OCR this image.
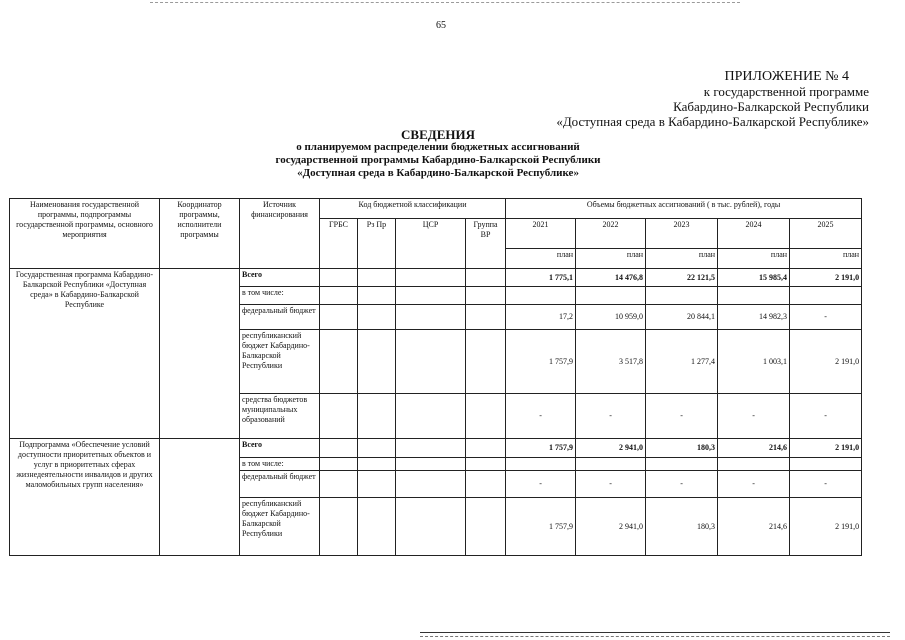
65
ПРИЛОЖЕНИЕ № 4
к государственной программе
Кабардино-Балкарской Республики
«Доступная среда в Кабардино-Балкарской Республике»
СВЕДЕНИЯ
о планируемом распределении бюджетных ассигнований
государственной программы Кабардино-Балкарской Республики
«Доступная среда в Кабардино-Балкарской Республике»
Наименования государственной программы, подпрограммы государственной программы, основного мероприятия	Координатор программы, исполнители программы	Источник финансирования	Код бюджетной классификации				Объемы бюджетных ассигнований ( в тыс. рублей), годы				
			ГРБС	Рз Пр	ЦСР	Группа ВР	2021	2022	2023	2024	2025
							план	план	план	план	план
Государственная программа Кабардино-Балкарской Республики «Доступная среда» в Кабардино-Балкарской Республике		Всего					1 775,1	14 476,8	22 121,5	15 985,4	2 191,0
		в том числе:									
		федеральный бюджет					17,2	10 959,0	20 844,1	14 982,3	-
		республиканский бюджет Кабардино-Балкарской Республики					1 757,9	3 517,8	1 277,4	1 003,1	2 191,0
		средства бюджетов муниципальных образований					-	-	-	-	-
Подпрограмма «Обеспечение условий доступности приоритетных объектов и услуг в приоритетных сферах жизнедеятельности инвалидов и других маломобильных групп населения»		Всего					1 757,9	2 941,0	180,3	214,6	2 191,0
		в том числе:									
		федеральный бюджет					-	-	-	-	-
		республиканский бюджет Кабардино-Балкарской Республики					1 757,9	2 941,0	180,3	214,6	2 191,0
